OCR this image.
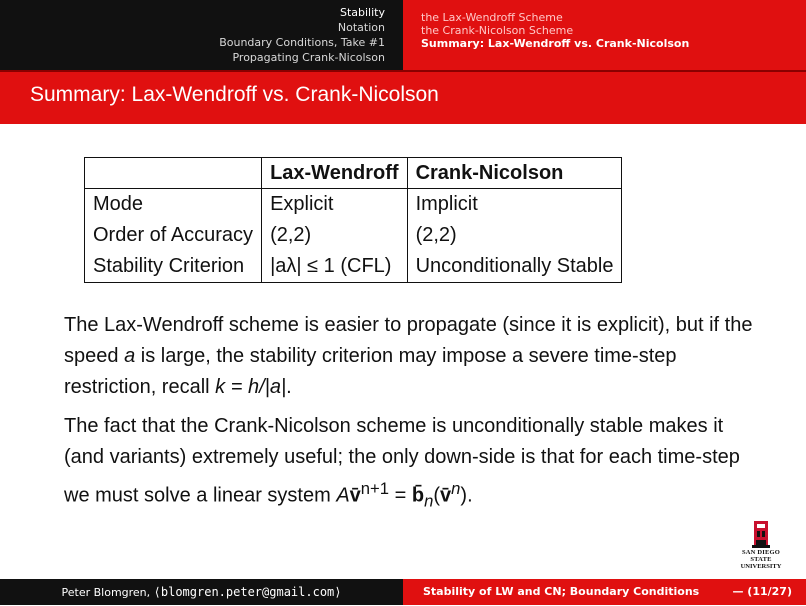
Stability
Notation
Boundary Conditions, Take #1
Propagating Crank-Nicolson
the Lax-Wendroff Scheme
the Crank-Nicolson Scheme
Summary: Lax-Wendroff vs. Crank-Nicolson
Summary: Lax-Wendroff vs. Crank-Nicolson
	Lax-Wendroff	Crank-Nicolson
Mode	Explicit	Implicit
Order of Accuracy	(2,2)	(2,2)
Stability Criterion	|aλ| ≤ 1 (CFL)	Unconditionally Stable
The Lax-Wendroff scheme is easier to propagate (since it is explicit), but if the speed a is large, the stability criterion may impose a severe time-step restriction, recall k = h/|a|.
The fact that the Crank-Nicolson scheme is unconditionally stable makes it (and variants) extremely useful; the only down-side is that for each time-step we must solve a linear system Av̄$^{n+1}$ = $b̄_n(v̄^n)$.
SAN DIEGO STATE
UNIVERSITY
Peter Blomgren, ⟨blomgren.peter@gmail.com⟩	Stability of LW and CN; Boundary Conditions	— (11/27)
